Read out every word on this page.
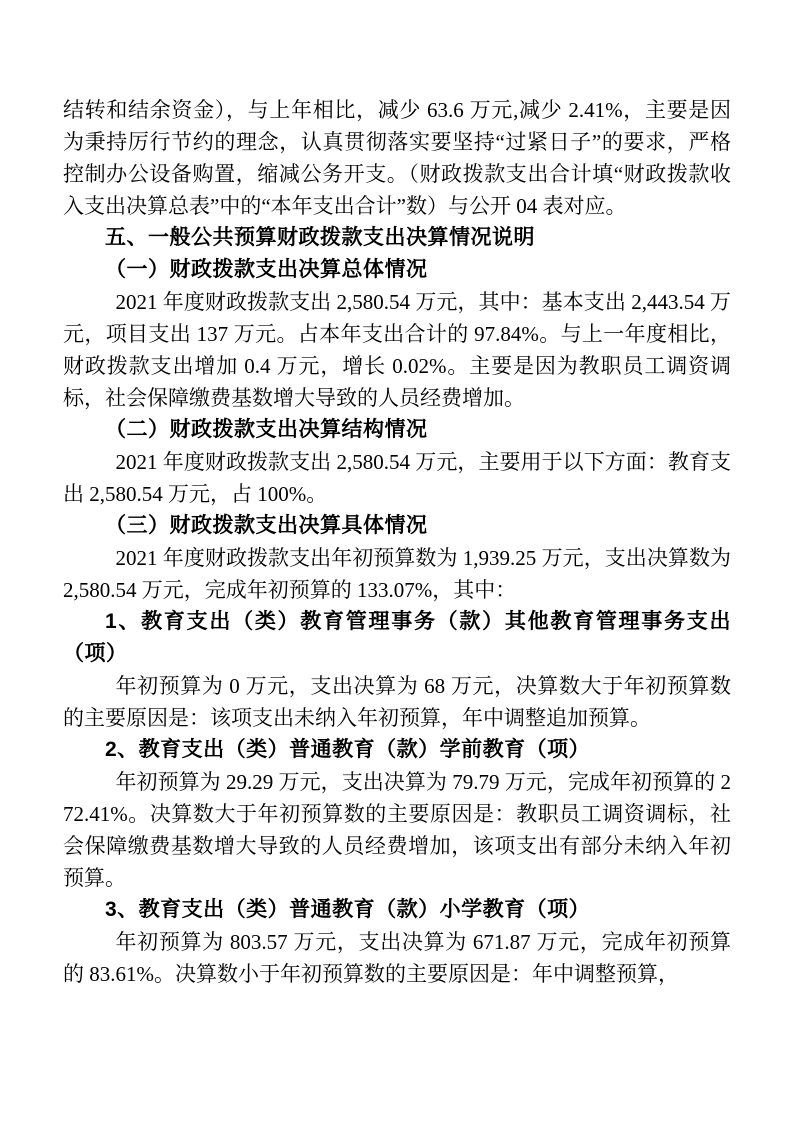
结转和结余资金），与上年相比，减少 63.6 万元,减少 2.41%，主要是因为秉持厉行节约的理念，认真贯彻落实要坚持“过紧日子”的要求，严格控制办公设备购置，缩减公务开支。（财政拨款支出合计填“财政拨款收入支出决算总表”中的“本年支出合计”数）与公开 04 表对应。

五、一般公共预算财政拨款支出决算情况说明

（一）财政拨款支出决算总体情况

2021 年度财政拨款支出 2,580.54 万元，其中：基本支出 2,443.54 万元，项目支出 137 万元。占本年支出合计的 97.84%。与上一年度相比，财政拨款支出增加 0.4 万元，增长 0.02%。主要是因为教职员工调资调标，社会保障缴费基数增大导致的人员经费增加。

（二）财政拨款支出决算结构情况

2021 年度财政拨款支出 2,580.54 万元，主要用于以下方面：教育支出 2,580.54 万元，占 100%。

（三）财政拨款支出决算具体情况

2021 年度财政拨款支出年初预算数为 1,939.25 万元，支出决算数为 2,580.54 万元，完成年初预算的 133.07%，其中：

1、教育支出（类）教育管理事务（款）其他教育管理事务支出（项）

年初预算为 0 万元，支出决算为 68 万元，决算数大于年初预算数的主要原因是：该项支出未纳入年初预算，年中调整追加预算。

2、教育支出（类）普通教育（款）学前教育（项）

年初预算为 29.29 万元，支出决算为 79.79 万元，完成年初预算的 272.41%。决算数大于年初预算数的主要原因是：教职员工调资调标，社会保障缴费基数增大导致的人员经费增加，该项支出有部分未纳入年初预算。

3、教育支出（类）普通教育（款）小学教育（项）

年初预算为 803.57 万元，支出决算为 671.87 万元，完成年初预算的 83.61%。决算数小于年初预算数的主要原因是：年中调整预算，
